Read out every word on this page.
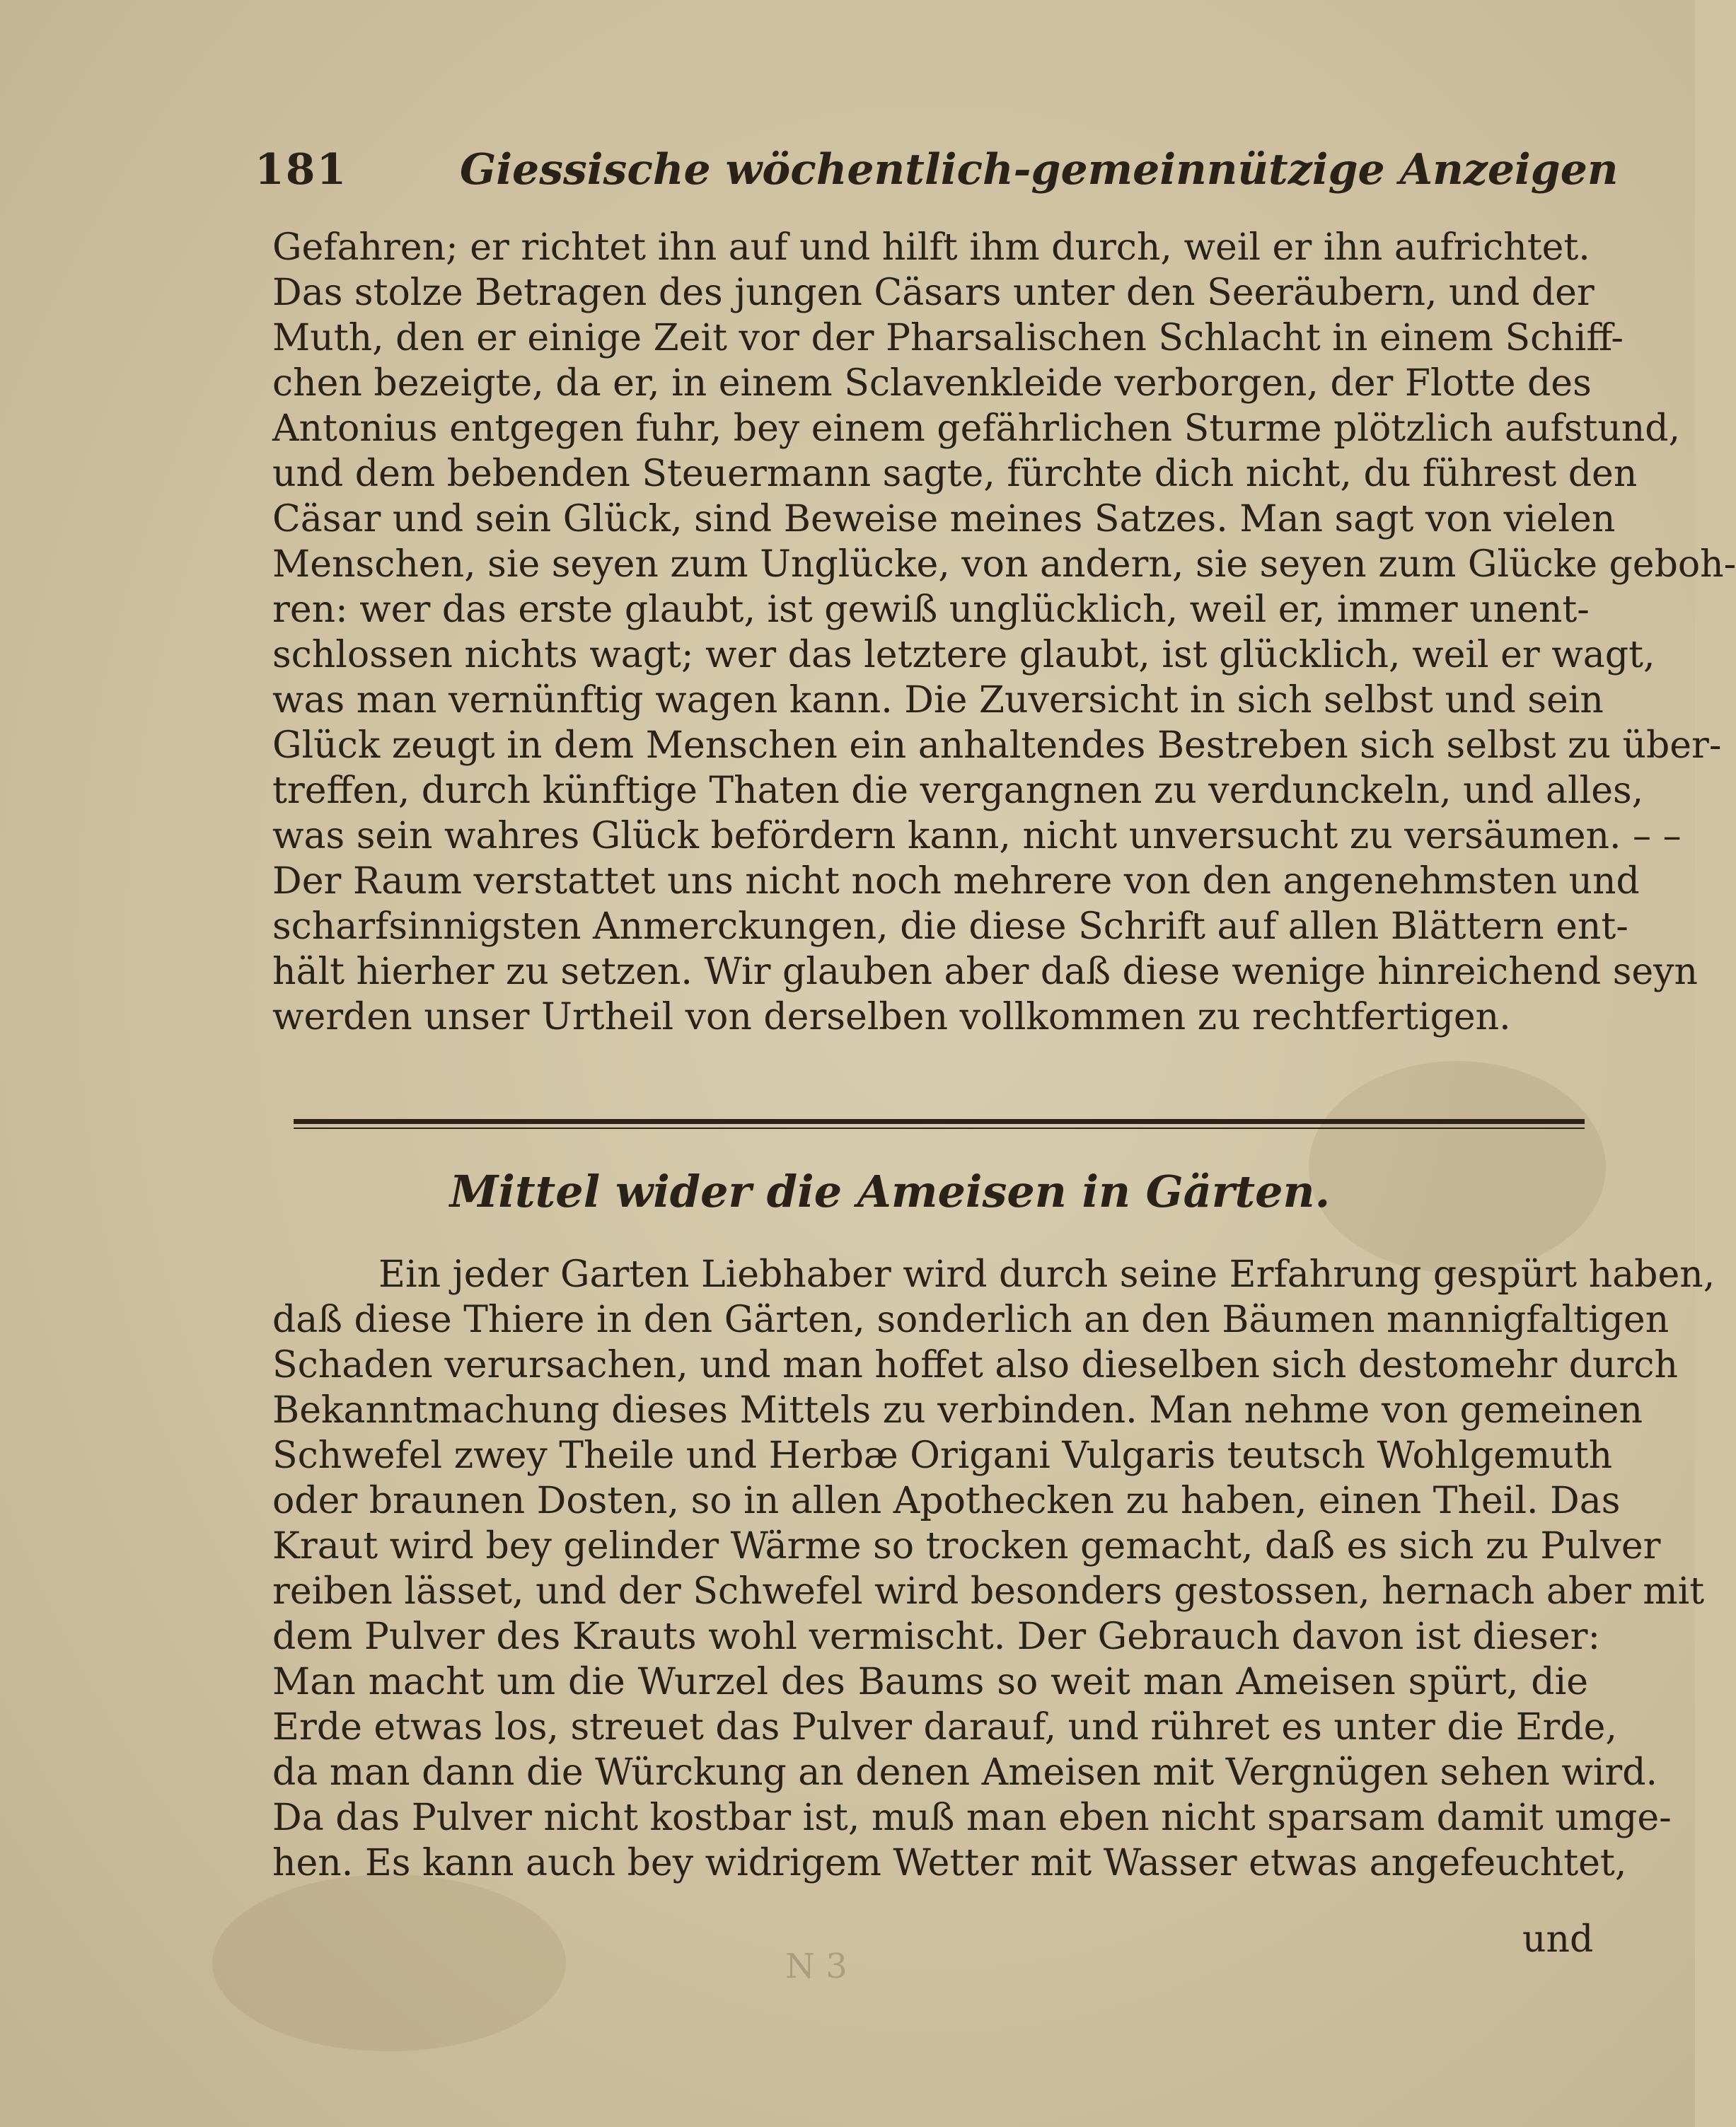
181	Giessische wöchentlich-gemeinnützige Anzeigen
Gefahren; er richtet ihn auf und hilft ihm durch, weil er ihn aufrichtet.
Das stolze Betragen des jungen Cäsars unter den Seeräubern, und der
Muth, den er einige Zeit vor der Pharsalischen Schlacht in einem Schiff-
chen bezeigte, da er, in einem Sclavenkleide verborgen, der Flotte des
Antonius entgegen fuhr, bey einem gefährlichen Sturme plötzlich aufstund,
und dem bebenden Steuermann sagte, fürchte dich nicht, du führest den
Cäsar und sein Glück, sind Beweise meines Satzes. Man sagt von vielen
Menschen, sie seyen zum Unglücke, von andern, sie seyen zum Glücke geboh-
ren: wer das erste glaubt, ist gewiß unglücklich, weil er, immer unent-
schlossen nichts wagt; wer das letztere glaubt, ist glücklich, weil er wagt,
was man vernünftig wagen kann. Die Zuversicht in sich selbst und sein
Glück zeugt in dem Menschen ein anhaltendes Bestreben sich selbst zu über-
treffen, durch künftige Thaten die vergangnen zu verdunckeln, und alles,
was sein wahres Glück befördern kann, nicht unversucht zu versäumen. – –
Der Raum verstattet uns nicht noch mehrere von den angenehmsten und
scharfsinnigsten Anmerckungen, die diese Schrift auf allen Blättern ent-
hält hierher zu setzen. Wir glauben aber daß diese wenige hinreichend seyn
werden unser Urtheil von derselben vollkommen zu rechtfertigen.
Mittel wider die Ameisen in Gärten.
Ein jeder Garten Liebhaber wird durch seine Erfahrung gespürt haben,
daß diese Thiere in den Gärten, sonderlich an den Bäumen mannigfaltigen
Schaden verursachen, und man hoffet also dieselben sich destomehr durch
Bekanntmachung dieses Mittels zu verbinden. Man nehme von gemeinen
Schwefel zwey Theile und Herbæ Origani Vulgaris teutsch Wohlgemuth
oder braunen Dosten, so in allen Apothecken zu haben, einen Theil. Das
Kraut wird bey gelinder Wärme so trocken gemacht, daß es sich zu Pulver
reiben lässet, und der Schwefel wird besonders gestossen, hernach aber mit
dem Pulver des Krauts wohl vermischt. Der Gebrauch davon ist dieser:
Man macht um die Wurzel des Baums so weit man Ameisen spürt, die
Erde etwas los, streuet das Pulver darauf, und rühret es unter die Erde,
da man dann die Würckung an denen Ameisen mit Vergnügen sehen wird.
Da das Pulver nicht kostbar ist, muß man eben nicht sparsam damit umge-
hen. Es kann auch bey widrigem Wetter mit Wasser etwas angefeuchtet,
und
N 3
